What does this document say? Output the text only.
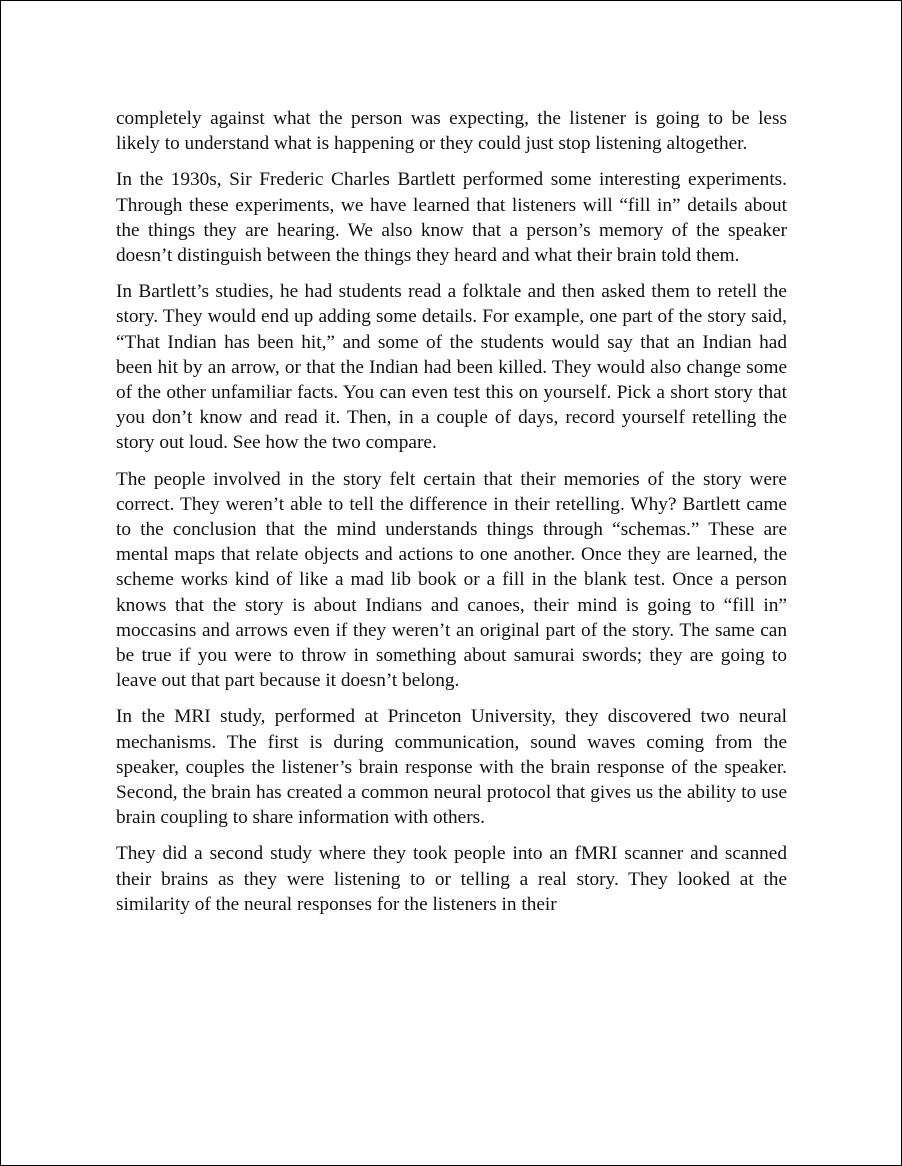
completely against what the person was expecting, the listener is going to be less likely to understand what is happening or they could just stop listening altogether.

In the 1930s, Sir Frederic Charles Bartlett performed some interesting experiments. Through these experiments, we have learned that listeners will “fill in” details about the things they are hearing. We also know that a person’s memory of the speaker doesn’t distinguish between the things they heard and what their brain told them.

In Bartlett’s studies, he had students read a folktale and then asked them to retell the story. They would end up adding some details. For example, one part of the story said, “That Indian has been hit,” and some of the students would say that an Indian had been hit by an arrow, or that the Indian had been killed. They would also change some of the other unfamiliar facts. You can even test this on yourself. Pick a short story that you don’t know and read it. Then, in a couple of days, record yourself retelling the story out loud. See how the two compare.

The people involved in the story felt certain that their memories of the story were correct. They weren’t able to tell the difference in their retelling. Why? Bartlett came to the conclusion that the mind understands things through “schemas.” These are mental maps that relate objects and actions to one another. Once they are learned, the scheme works kind of like a mad lib book or a fill in the blank test. Once a person knows that the story is about Indians and canoes, their mind is going to “fill in” moccasins and arrows even if they weren’t an original part of the story. The same can be true if you were to throw in something about samurai swords; they are going to leave out that part because it doesn’t belong.

In the MRI study, performed at Princeton University, they discovered two neural mechanisms. The first is during communication, sound waves coming from the speaker, couples the listener’s brain response with the brain response of the speaker. Second, the brain has created a common neural protocol that gives us the ability to use brain coupling to share information with others.

They did a second study where they took people into an fMRI scanner and scanned their brains as they were listening to or telling a real story. They looked at the similarity of the neural responses for the listeners in their
